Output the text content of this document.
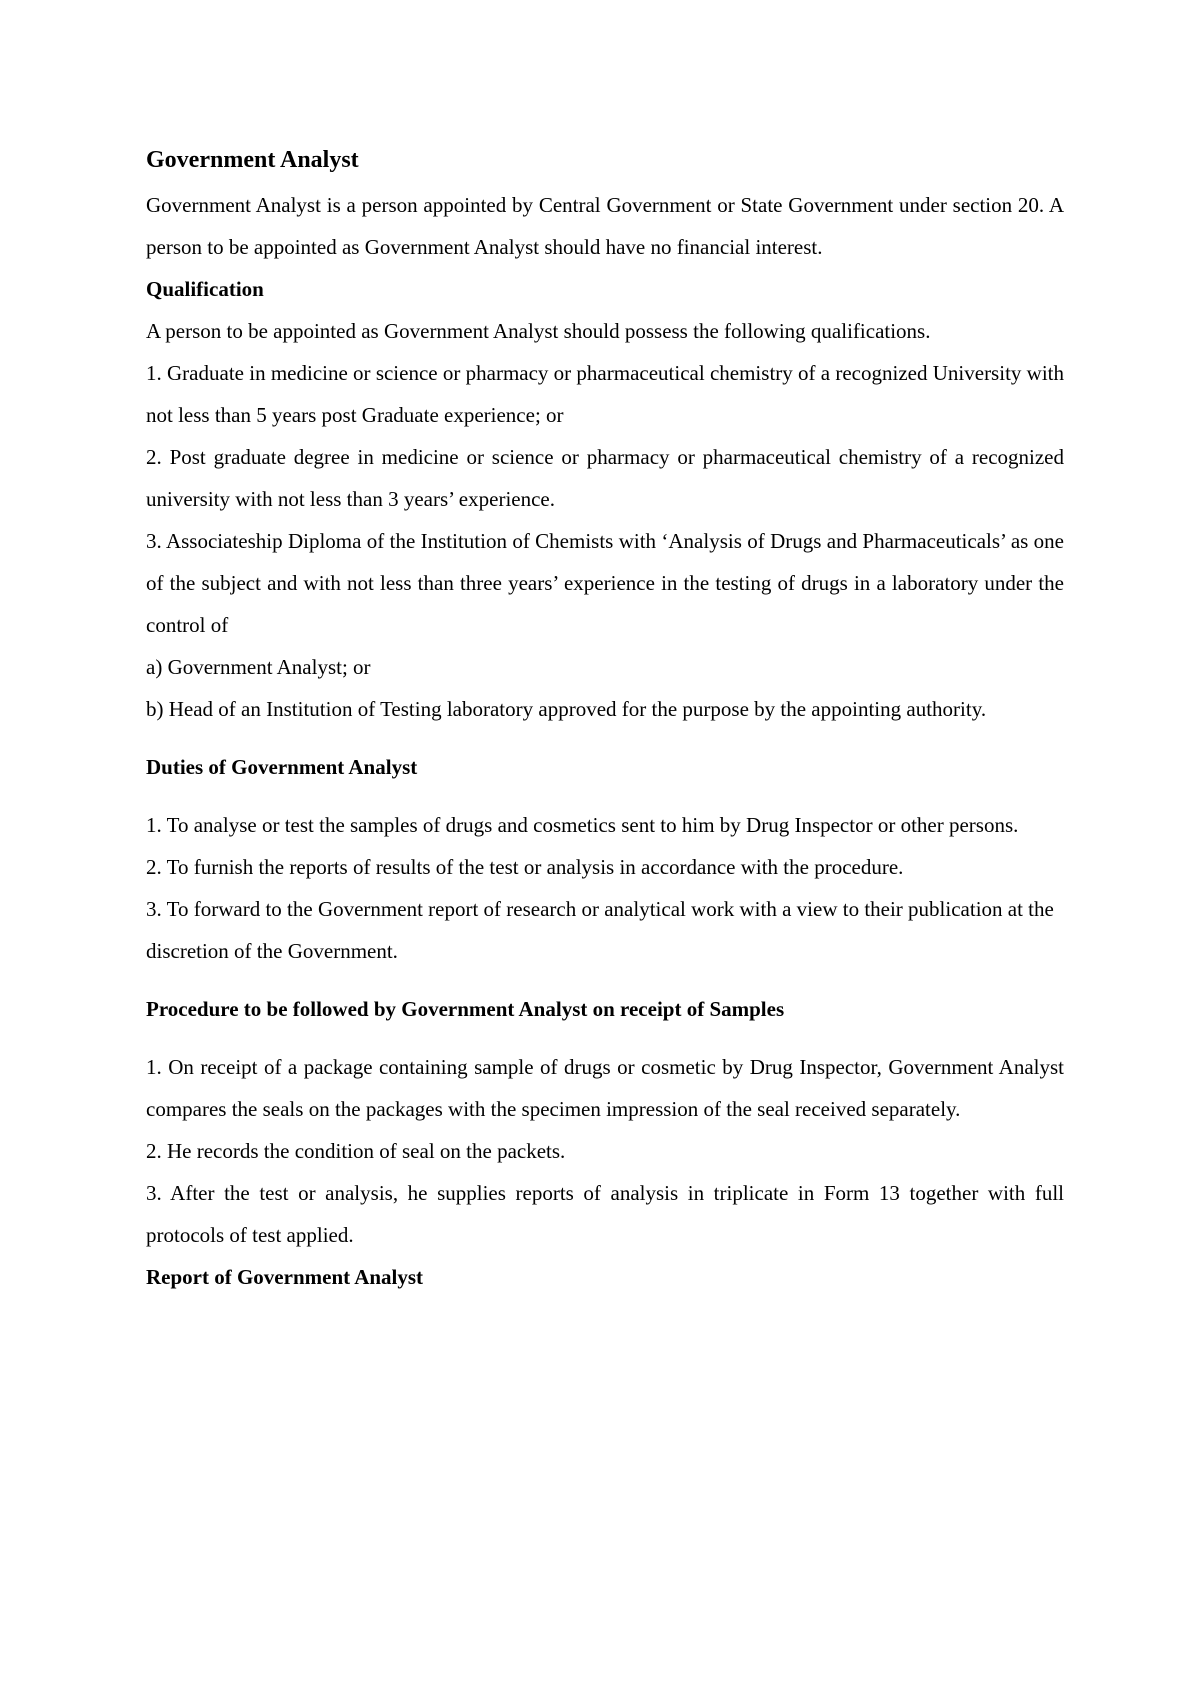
Government Analyst

Government Analyst is a person appointed by Central Government or State Government under section 20. A person to be appointed as Government Analyst should have no financial interest.

Qualification

A person to be appointed as Government Analyst should possess the following qualifications.

1. Graduate in medicine or science or pharmacy or pharmaceutical chemistry of a recognized University with not less than 5 years post Graduate experience; or

2. Post graduate degree in medicine or science or pharmacy or pharmaceutical chemistry of a recognized university with not less than 3 years’ experience.

3. Associateship Diploma of the Institution of Chemists with ‘Analysis of Drugs and Pharmaceuticals’ as one of the subject and with not less than three years’ experience in the testing of drugs in a laboratory under the control of

a) Government Analyst; or

b) Head of an Institution of Testing laboratory approved for the purpose by the appointing authority.

Duties of Government Analyst

1. To analyse or test the samples of drugs and cosmetics sent to him by Drug Inspector or other persons.

2. To furnish the reports of results of the test or analysis in accordance with the procedure.

3. To forward to the Government report of research or analytical work with a view to their publication at the discretion of the Government.

Procedure to be followed by Government Analyst on receipt of Samples

1. On receipt of a package containing sample of drugs or cosmetic by Drug Inspector, Government Analyst compares the seals on the packages with the specimen impression of the seal received separately.

2. He records the condition of seal on the packets.

3. After the test or analysis, he supplies reports of analysis in triplicate in Form 13 together with full protocols of test applied.

Report of Government Analyst
